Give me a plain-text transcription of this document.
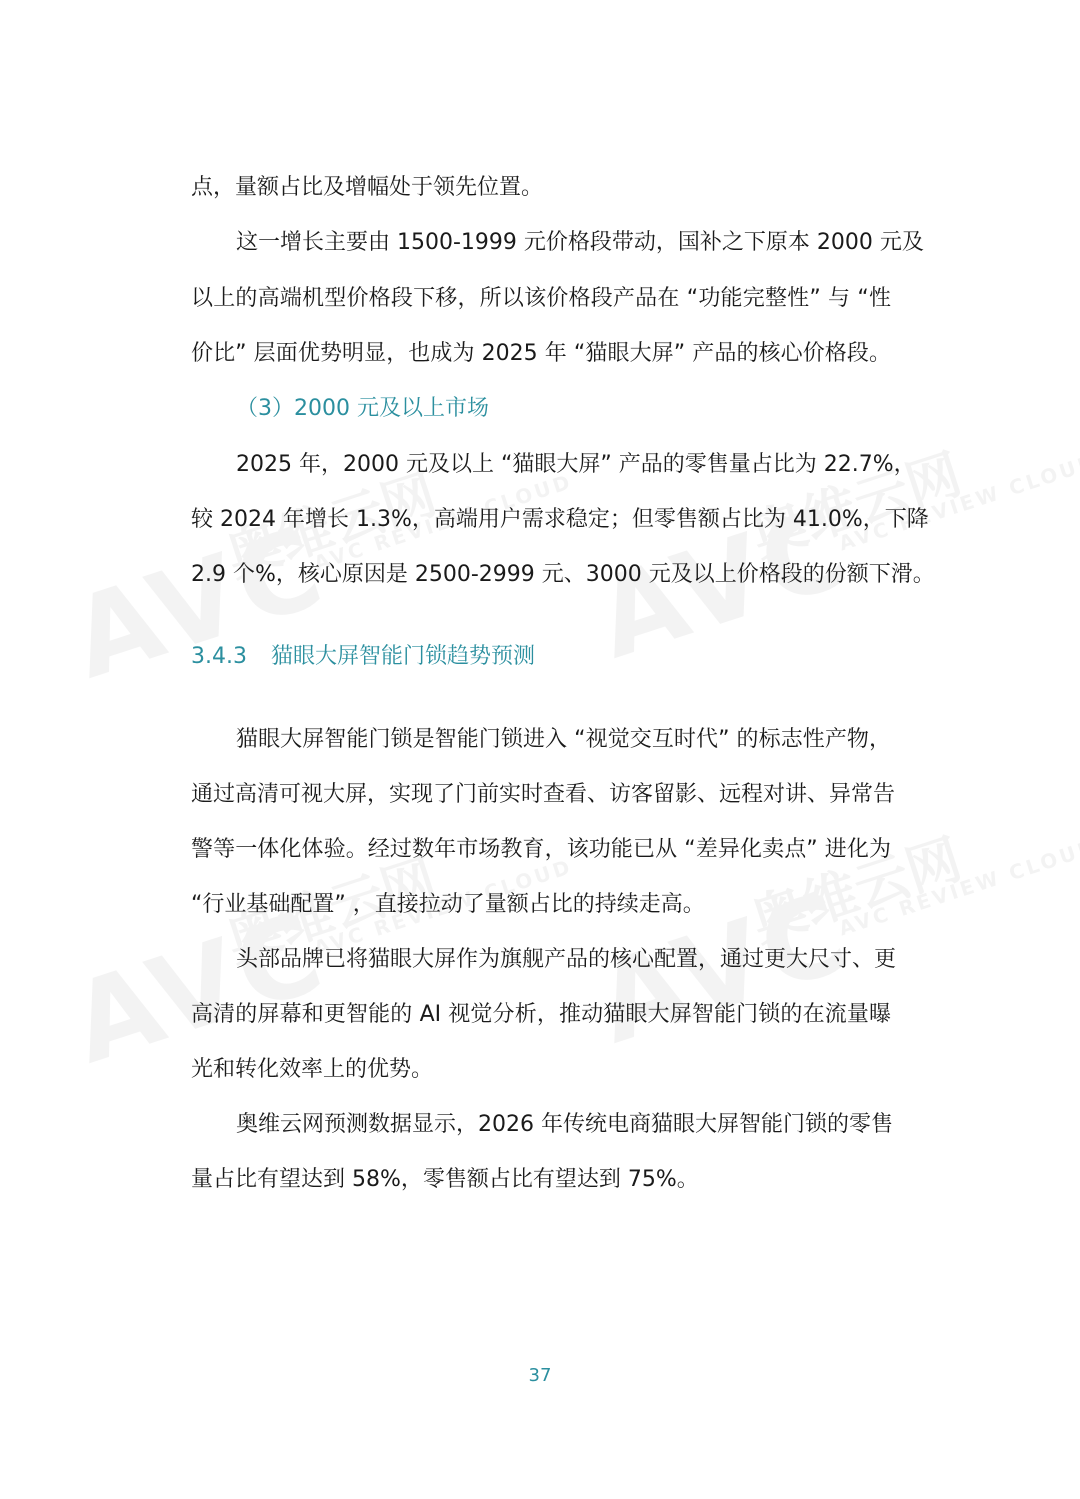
点，量额占比及增幅处于领先位置。
这一增长主要由 1500-1999 元价格段带动，国补之下原本 2000 元及
以上的高端机型价格段下移，所以该价格段产品在 “功能完整性” 与 “性
价比” 层面优势明显，也成为 2025 年 “猫眼大屏” 产品的核心价格段。
（3）2000 元及以上市场
2025 年，2000 元及以上 “猫眼大屏” 产品的零售量占比为 22.7%，
较 2024 年增长 1.3%，高端用户需求稳定；但零售额占比为 41.0%，下降
2.9 个%，核心原因是 2500-2999 元、3000 元及以上价格段的份额下滑。
3.4.3 猫眼大屏智能门锁趋势预测
猫眼大屏智能门锁是智能门锁进入 “视觉交互时代” 的标志性产物，
通过高清可视大屏，实现了门前实时查看、访客留影、远程对讲、异常告
警等一体化体验。经过数年市场教育，该功能已从 “差异化卖点” 进化为
“行业基础配置” ，直接拉动了量额占比的持续走高。
头部品牌已将猫眼大屏作为旗舰产品的核心配置，通过更大尺寸、更
高清的屏幕和更智能的 AI 视觉分析，推动猫眼大屏智能门锁的在流量曝
光和转化效率上的优势。
奥维云网预测数据显示，2026 年传统电商猫眼大屏智能门锁的零售
量占比有望达到 58%，零售额占比有望达到 75%。
37
